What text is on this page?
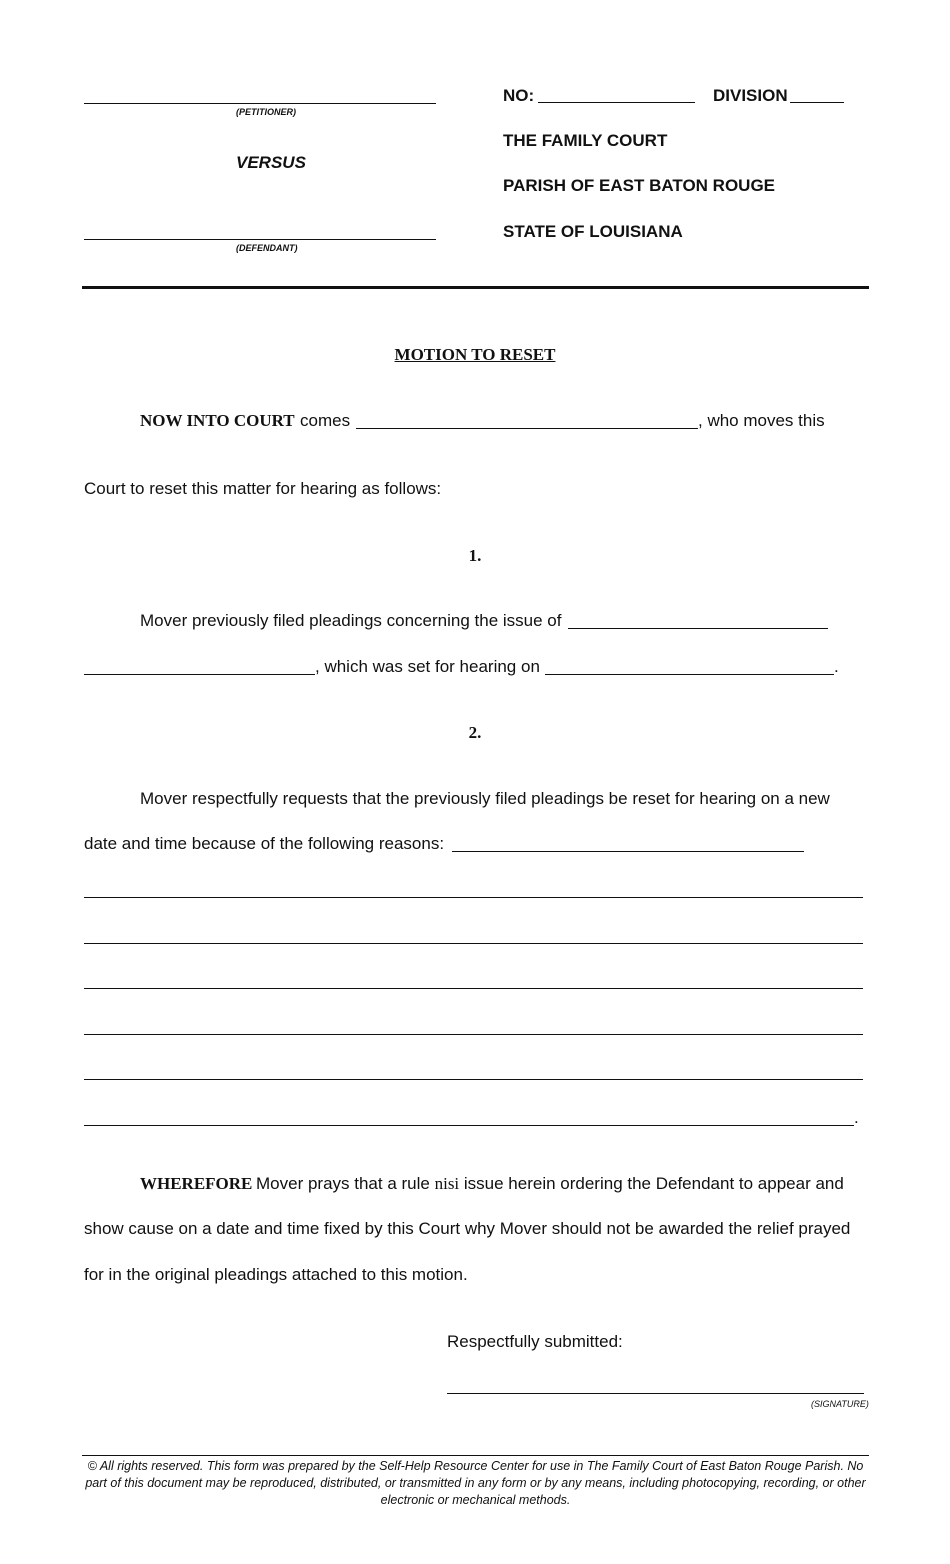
(PETITIONER)
VERSUS
(DEFENDANT)
NO:	DIVISION
THE FAMILY COURT
PARISH OF EAST BATON ROUGE
STATE OF LOUISIANA
MOTION TO RESET
NOW INTO COURT comes	, who moves this
Court to reset this matter for hearing as follows:
1.
Mover previously filed pleadings concerning the issue of
, which was set for hearing on	.
2.
Mover respectfully requests that the previously filed pleadings be reset for hearing on a new
date and time because of the following reasons:
.
WHEREFORE Mover prays that a rule nisi issue herein ordering the Defendant to appear and
show cause on a date and time fixed by this Court why Mover should not be awarded the relief prayed
for in the original pleadings attached to this motion.
Respectfully submitted:
(SIGNATURE)
© All rights reserved. This form was prepared by the Self-Help Resource Center for use in The Family Court of East Baton Rouge Parish. No part of this document may be reproduced, distributed, or transmitted in any form or by any means, including photocopying, recording, or other electronic or mechanical methods.
